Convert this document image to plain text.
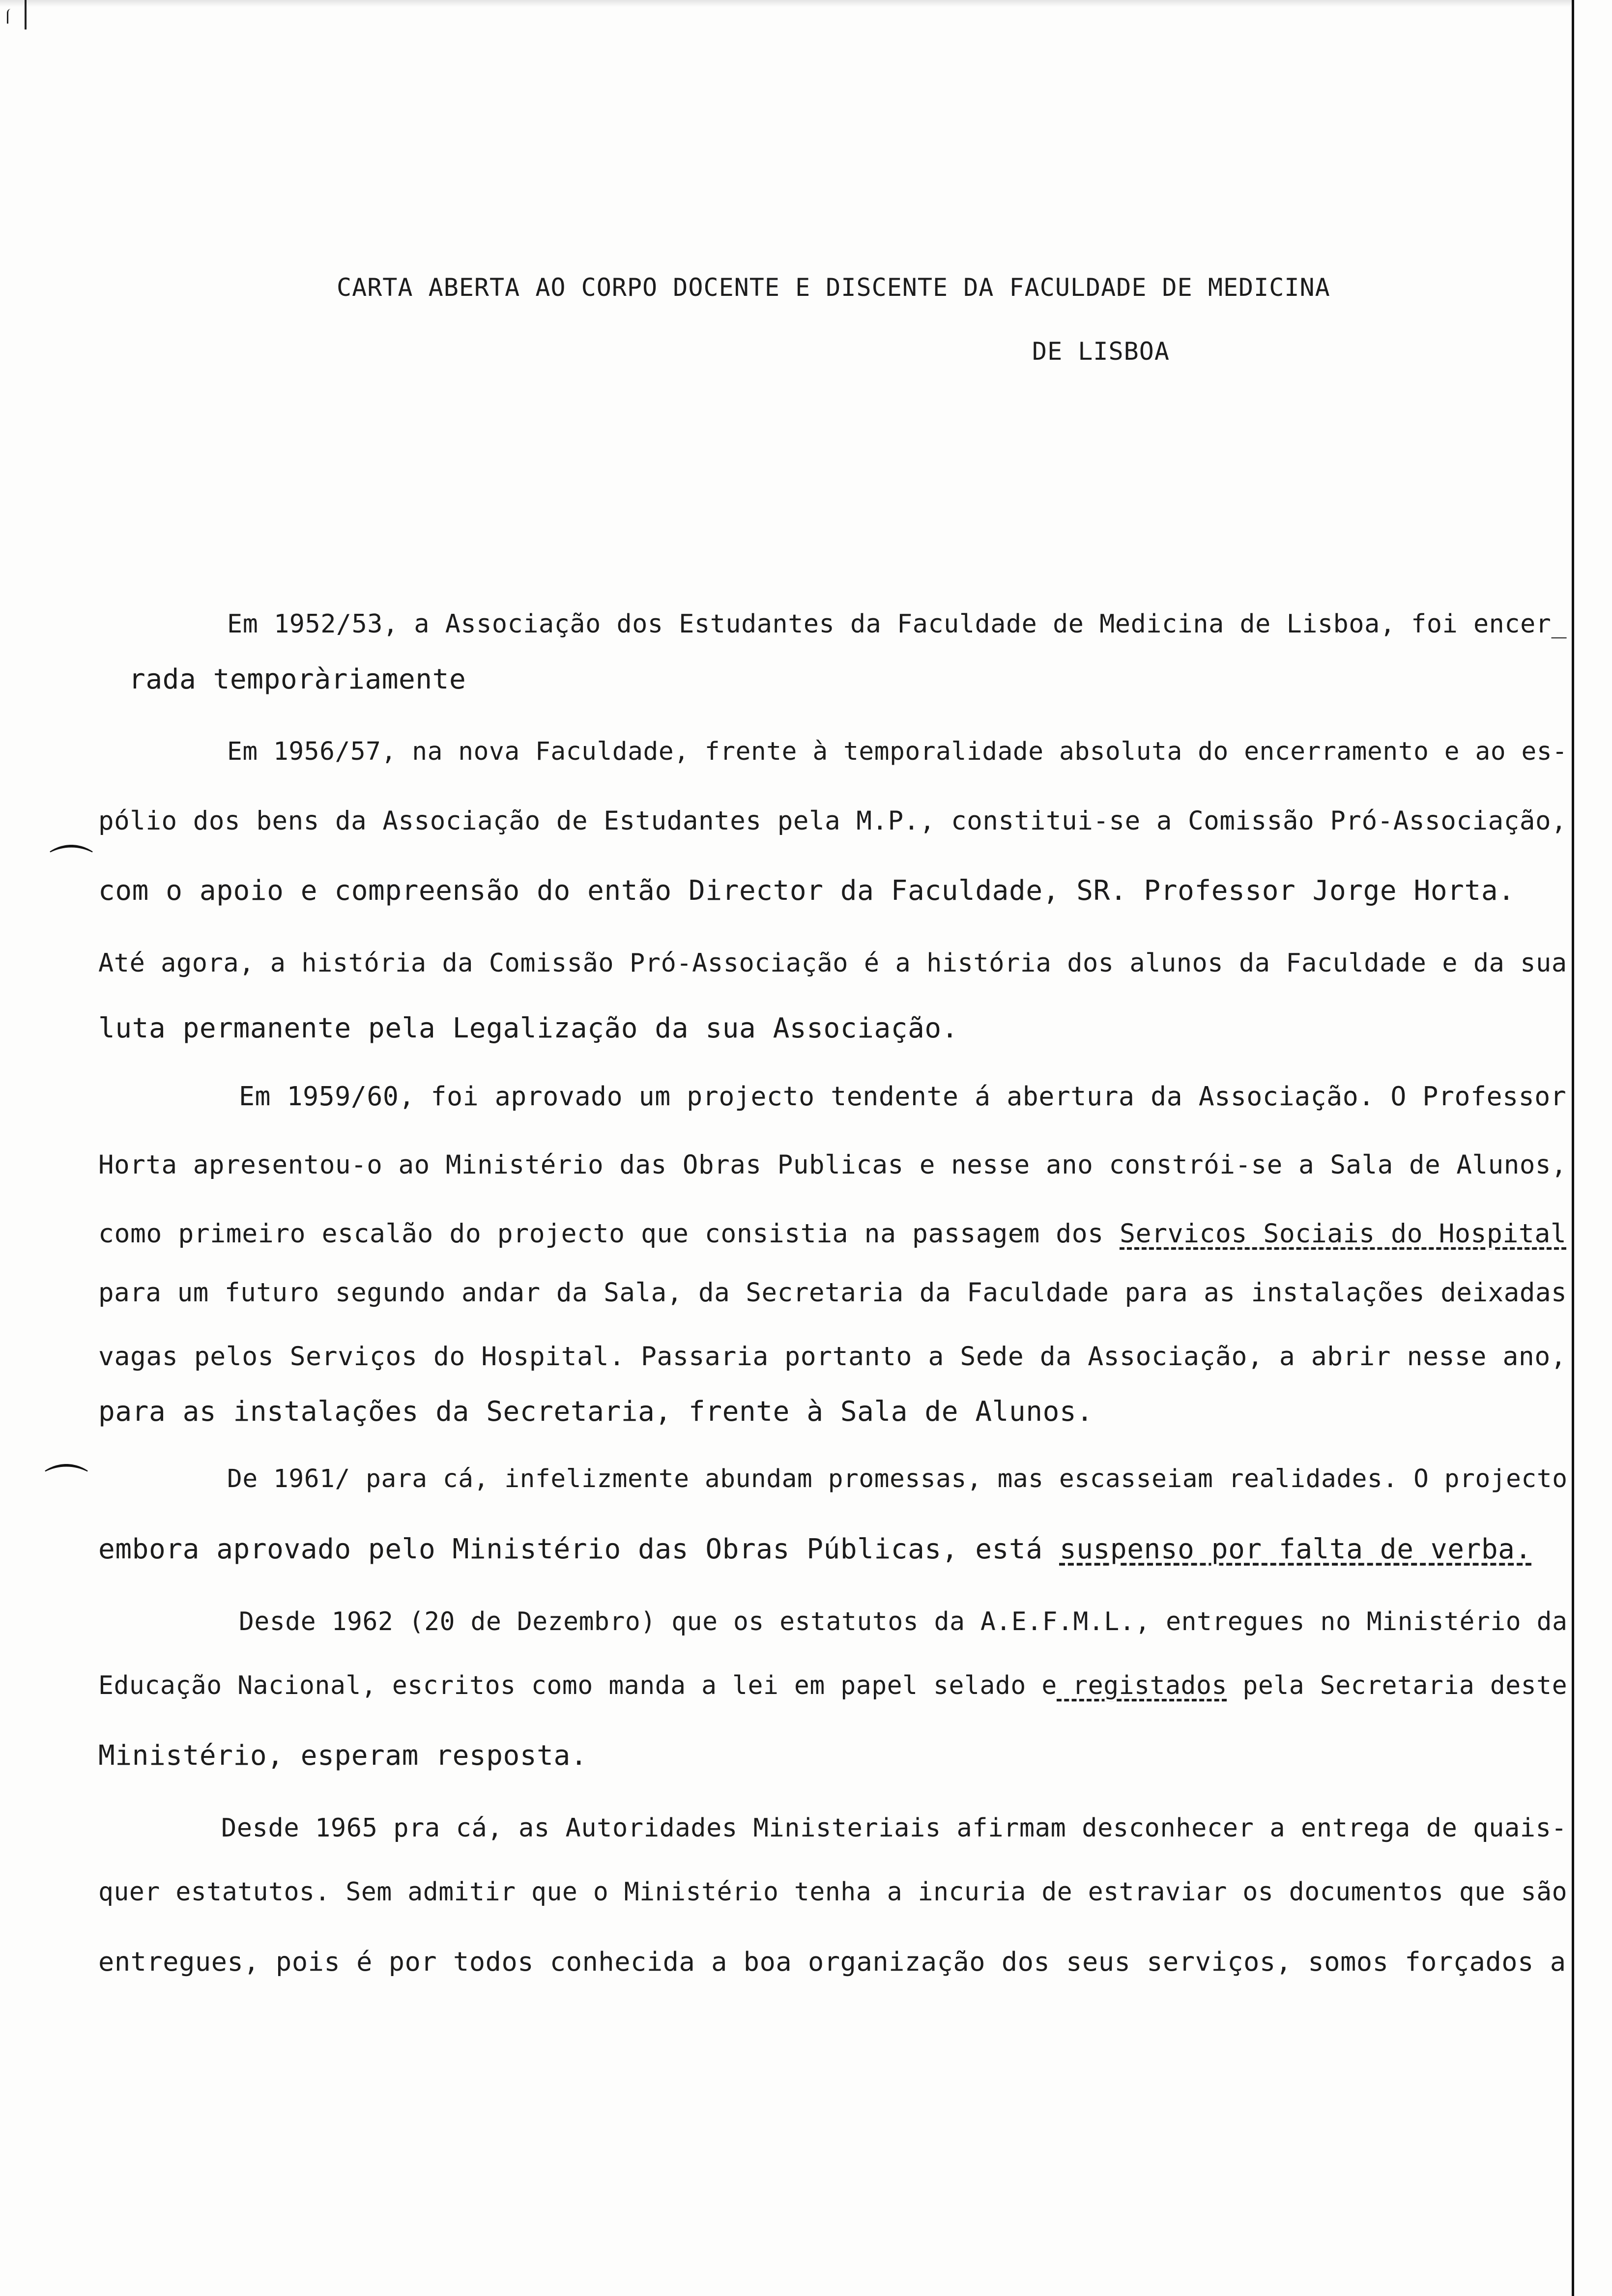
⌒
⌒
CARTA ABERTA AO CORPO DOCENTE E DISCENTE DA FACULDADE DE MEDICINA
DE LISBOA
Em 1952/53, a Associação dos Estudantes da Faculdade de Medicina de Lisboa, foi encer_
rada temporàriamente
Em 1956/57, na nova Faculdade, frente à temporalidade absoluta do encerramento e ao es-
pólio dos bens da Associação de Estudantes pela M.P., constitui-se a Comissão Pró-Associação,
com o apoio e compreensão do então Director da Faculdade, SR. Professor Jorge Horta.
Até agora, a história da Comissão Pró-Associação é a história dos alunos da Faculdade e da sua
luta permanente pela Legalização da sua Associação.
Em 1959/60, foi aprovado um projecto tendente á abertura da Associação. O Professor
Horta apresentou-o ao Ministério das Obras Publicas e nesse ano constrói-se a Sala de Alunos,
como primeiro escalão do projecto que consistia na passagem dos Servicos Sociais do Hospital
para um futuro segundo andar da Sala, da Secretaria da Faculdade para as instalações deixadas
vagas pelos Serviços do Hospital. Passaria portanto a Sede da Associação, a abrir nesse ano,
para as instalações da Secretaria, frente à Sala de Alunos.
De 1961/ para cá, infelizmente abundam promessas, mas escasseiam realidades. O projecto
embora aprovado pelo Ministério das Obras Públicas, está suspenso por falta de verba.
Desde 1962 (20 de Dezembro) que os estatutos da A.E.F.M.L., entregues no Ministério da
Educação Nacional, escritos como manda a lei em papel selado e registados pela Secretaria deste
Ministério, esperam resposta.
Desde 1965 pra cá, as Autoridades Ministeriais afirmam desconhecer a entrega de quais-
quer estatutos. Sem admitir que o Ministério tenha a incuria de estraviar os documentos que são
entregues, pois é por todos conhecida a boa organização dos seus serviços, somos forçados a
